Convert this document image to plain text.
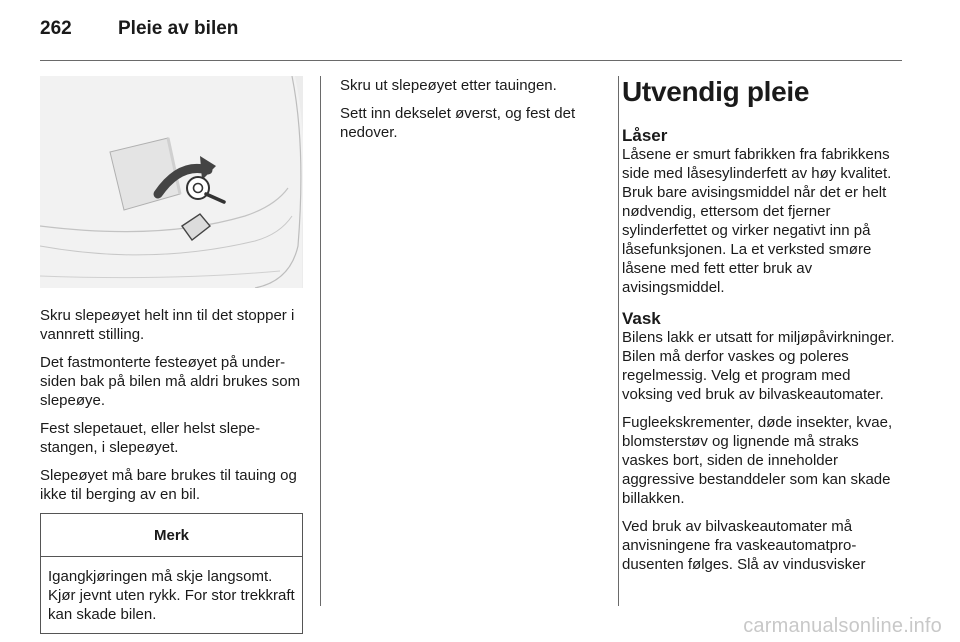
262 Pleie av bilen

Skru slepeøyet helt inn til det stopper i vannrett stilling.

Det fastmonterte festeøyet på undersiden bak på bilen må aldri brukes som slepeøye.

Fest slepetauet, eller helst slepestangen, i slepeøyet.

Slepeøyet må bare brukes til tauing og ikke til berging av en bil.

Merk
Igangkjøringen må skje langsomt. Kjør jevnt uten rykk. For stor trekkraft kan skade bilen.

Skru ut slepeøyet etter tauingen.

Sett inn dekselet øverst, og fest det nedover.

Utvendig pleie
Låser

Låsene er smurt fabrikken fra fabrikkens side med låsesylinderfett av høy kvalitet. Bruk bare avisingsmiddel når det er helt nødvendig, ettersom det fjerner sylinderfettet og virker negativt inn på låsefunksjonen. La et verksted smøre låsene med fett etter bruk av avisingsmiddel.

Vask

Bilens lakk er utsatt for miljøpåvirkninger. Bilen må derfor vaskes og poleres regelmessig. Velg et program med voksing ved bruk av bilvaskeautomater.

Fugleekskrementer, døde insekter, kvae, blomsterstøv og lignende må straks vaskes bort, siden de inneholder aggressive bestanddeler som kan skade billakken.

Ved bruk av bilvaskeautomater må anvisningene fra vaskeautomatprodusenten følges. Slå av vindusvisker

carmanualsonline.info
